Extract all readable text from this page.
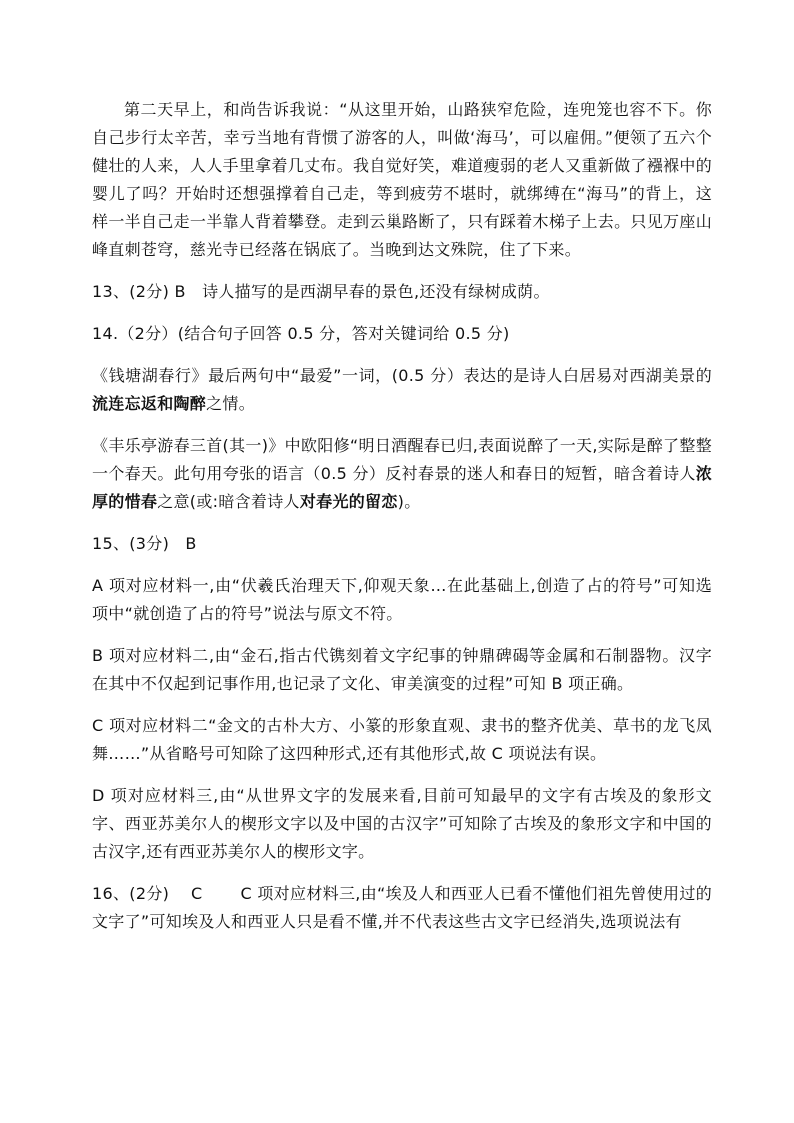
第二天早上，和尚告诉我说：“从这里开始，山路狭窄危险，连兜笼也容不下。你自己步行太辛苦，幸亏当地有背惯了游客的人，叫做‘海马’，可以雇佣。”便领了五六个健壮的人来，人人手里拿着几丈布。我自觉好笑，难道瘦弱的老人又重新做了襁褓中的婴儿了吗？开始时还想强撑着自己走，等到疲劳不堪时，就绑缚在“海马”的背上，这样一半自己走一半靠人背着攀登。走到云巢路断了，只有踩着木梯子上去。只见万座山峰直刺苍穹，慈光寺已经落在锅底了。当晚到达文殊院，住了下来。

13、(2分) B　诗人描写的是西湖早春的景色,还没有绿树成荫。

14.（2分）(结合句子回答 0.5 分，答对关键词给 0.5 分)

《钱塘湖春行》最后两句中“最爱”一词，(0.5 分）表达的是诗人白居易对西湖美景的流连忘返和陶醉之情。

《丰乐亭游春三首(其一)》中欧阳修“明日酒醒春已归,表面说醉了一天,实际是醉了整整一个春天。此句用夸张的语言（0.5 分）反衬春景的迷人和春日的短暂，暗含着诗人浓厚的惜春之意(或:暗含着诗人对春光的留恋)。

15、(3分)　B

A 项对应材料一,由“伏羲氏治理天下,仰观天象…在此基础上,创造了占的符号”可知选项中“就创造了占的符号”说法与原文不符。

B 项对应材料二,由“金石,指古代镌刻着文字纪事的钟鼎碑碣等金属和石制器物。汉字在其中不仅起到记事作用,也记录了文化、审美演变的过程”可知 B 项正确。

C 项对应材料二“金文的古朴大方、小篆的形象直观、隶书的整齐优美、草书的龙飞凤舞……”从省略号可知除了这四种形式,还有其他形式,故 C 项说法有误。

D 项对应材料三,由“从世界文字的发展来看,目前可知最早的文字有古埃及的象形文字、西亚苏美尔人的楔形文字以及中国的古汉字”可知除了古埃及的象形文字和中国的古汉字,还有西亚苏美尔人的楔形文字。

16、(2分)　 C　　 C 项对应材料三,由“埃及人和西亚人已看不懂他们祖先曾使用过的文字了”可知埃及人和西亚人只是看不懂,并不代表这些古文字已经消失,选项说法有
